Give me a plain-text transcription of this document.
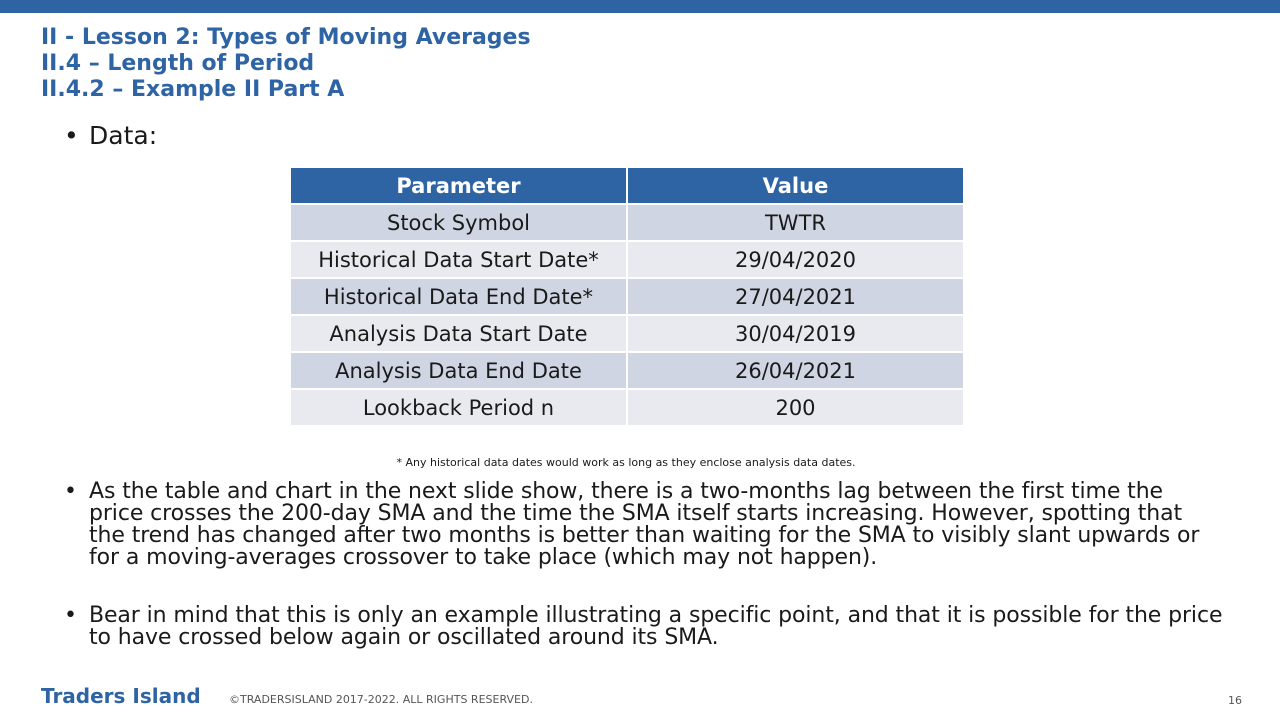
II - Lesson 2: Types of Moving Averages
II.4 – Length of Period
II.4.2 – Example II Part A
• Data:
Parameter	Value
Stock Symbol	TWTR
Historical Data Start Date*	29/04/2020
Historical Data End Date*	27/04/2021
Analysis Data Start Date	30/04/2019
Analysis Data End Date	26/04/2021
Lookback Period n	200
* Any historical data dates would work as long as they enclose analysis data dates.
• As the table and chart in the next slide show, there is a two-months lag between the first time the price crosses the 200-day SMA and the time the SMA itself starts increasing. However, spotting that the trend has changed after two months is better than waiting for the SMA to visibly slant upwards or for a moving-averages crossover to take place (which may not happen).
• Bear in mind that this is only an example illustrating a specific point, and that it is possible for the price to have crossed below again or oscillated around its SMA.
Traders Island	©TRADERSISLAND 2017-2022. ALL RIGHTS RESERVED.	16
